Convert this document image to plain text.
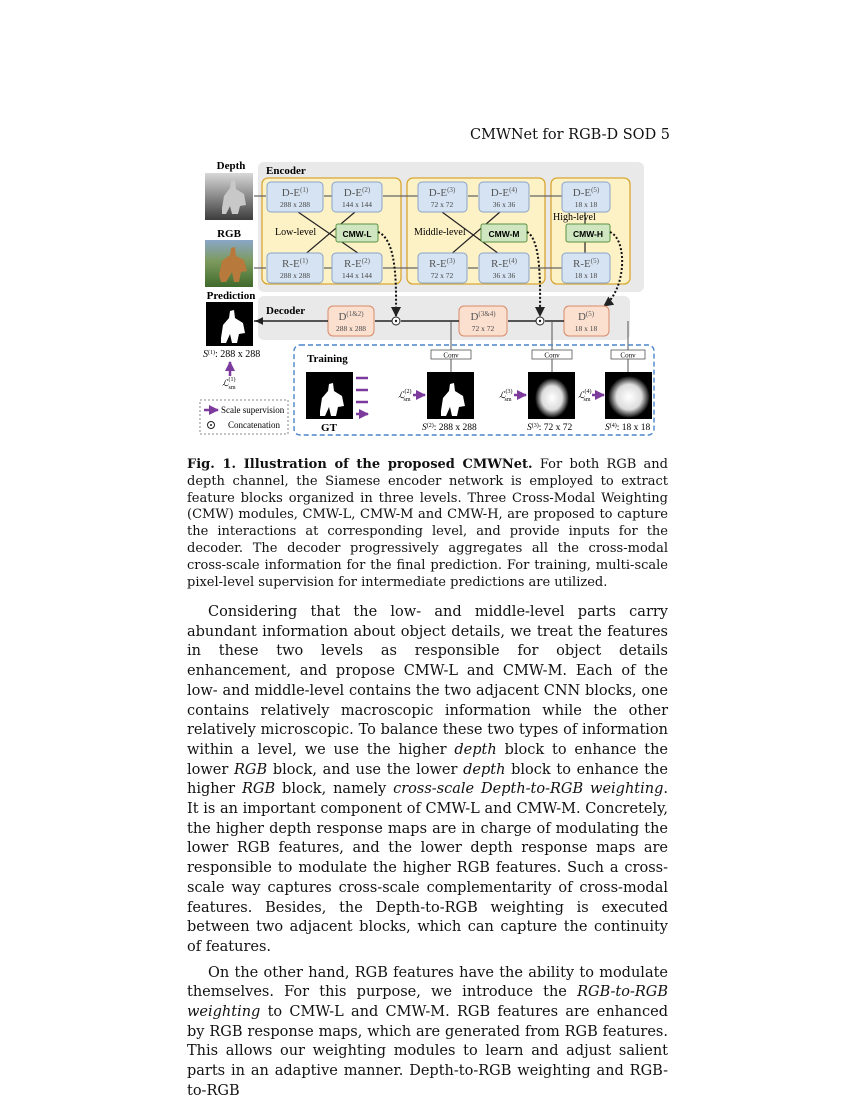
CMWNet for RGB-D SOD 5
Encoder
Decoder
Low-level	Middle-level
High-level
$D-E^{(1)}$
288 x 288
$D-E^{(2)}$
144 x 144
$D-E^{(3)}$
72 x 72
$D-E^{(4)}$
36 x 36
$D-E^{(5)}$
18 x 18
$R-E^{(1)}$
288 x 288
$R-E^{(2)}$
144 x 144
$R-E^{(3)}$
72 x 72
$R-E^{(4)}$
36 x 36
$R-E^{(5)}$
18 x 18
CMW-L	CMW-M	CMW-H
$D^{(1\&2)}$
288 x 288
$D^{(3\&4)}$
72 x 72
$D^{(5)}$
18 x 18
Depth
RGB
Prediction
$S^{(1)}$: 288 x 288
ℒ$^{(1)}$ sm
Scale supervision
Concatenation
Training	Conv	Conv	Conv
GT
ℒ$^{(2)}$ sm	ℒ$^{(3)}$ sm	ℒ$^{(4)}$ sm
$S^{(2)}$: 288 x 288	$S^{(3)}$: 72 x 72	$S^{(4)}$: 18 x 18
Fig. 1. Illustration of the proposed CMWNet. For both RGB and depth channel, the Siamese encoder network is employed to extract feature blocks organized in three levels. Three Cross-Modal Weighting (CMW) modules, CMW-L, CMW-M and CMW-H, are proposed to capture the interactions at corresponding level, and provide inputs for the decoder. The decoder progressively aggregates all the cross-modal cross-scale information for the final prediction. For training, multi-scale pixel-level supervision for intermediate predictions are utilized.

Considering that the low- and middle-level parts carry abundant information about object details, we treat the features in these two levels as responsible for object details enhancement, and propose CMW-L and CMW-M. Each of the low- and middle-level contains the two adjacent CNN blocks, one contains relatively macroscopic information while the other relatively microscopic. To balance these two types of information within a level, we use the higher depth block to enhance the lower RGB block, and use the lower depth block to enhance the higher RGB block, namely cross-scale Depth-to-RGB weighting. It is an important component of CMW-L and CMW-M. Concretely, the higher depth response maps are in charge of modulating the lower RGB features, and the lower depth response maps are responsible to modulate the higher RGB features. Such a cross-scale way captures cross-scale complementarity of cross-modal features. Besides, the Depth-to-RGB weighting is executed between two adjacent blocks, which can capture the continuity of features.

On the other hand, RGB features have the ability to modulate themselves. For this purpose, we introduce the RGB-to-RGB weighting to CMW-L and CMW-M. RGB features are enhanced by RGB response maps, which are generated from RGB features. This allows our weighting modules to learn and adjust salient parts in an adaptive manner. Depth-to-RGB weighting and RGB-to-RGB
